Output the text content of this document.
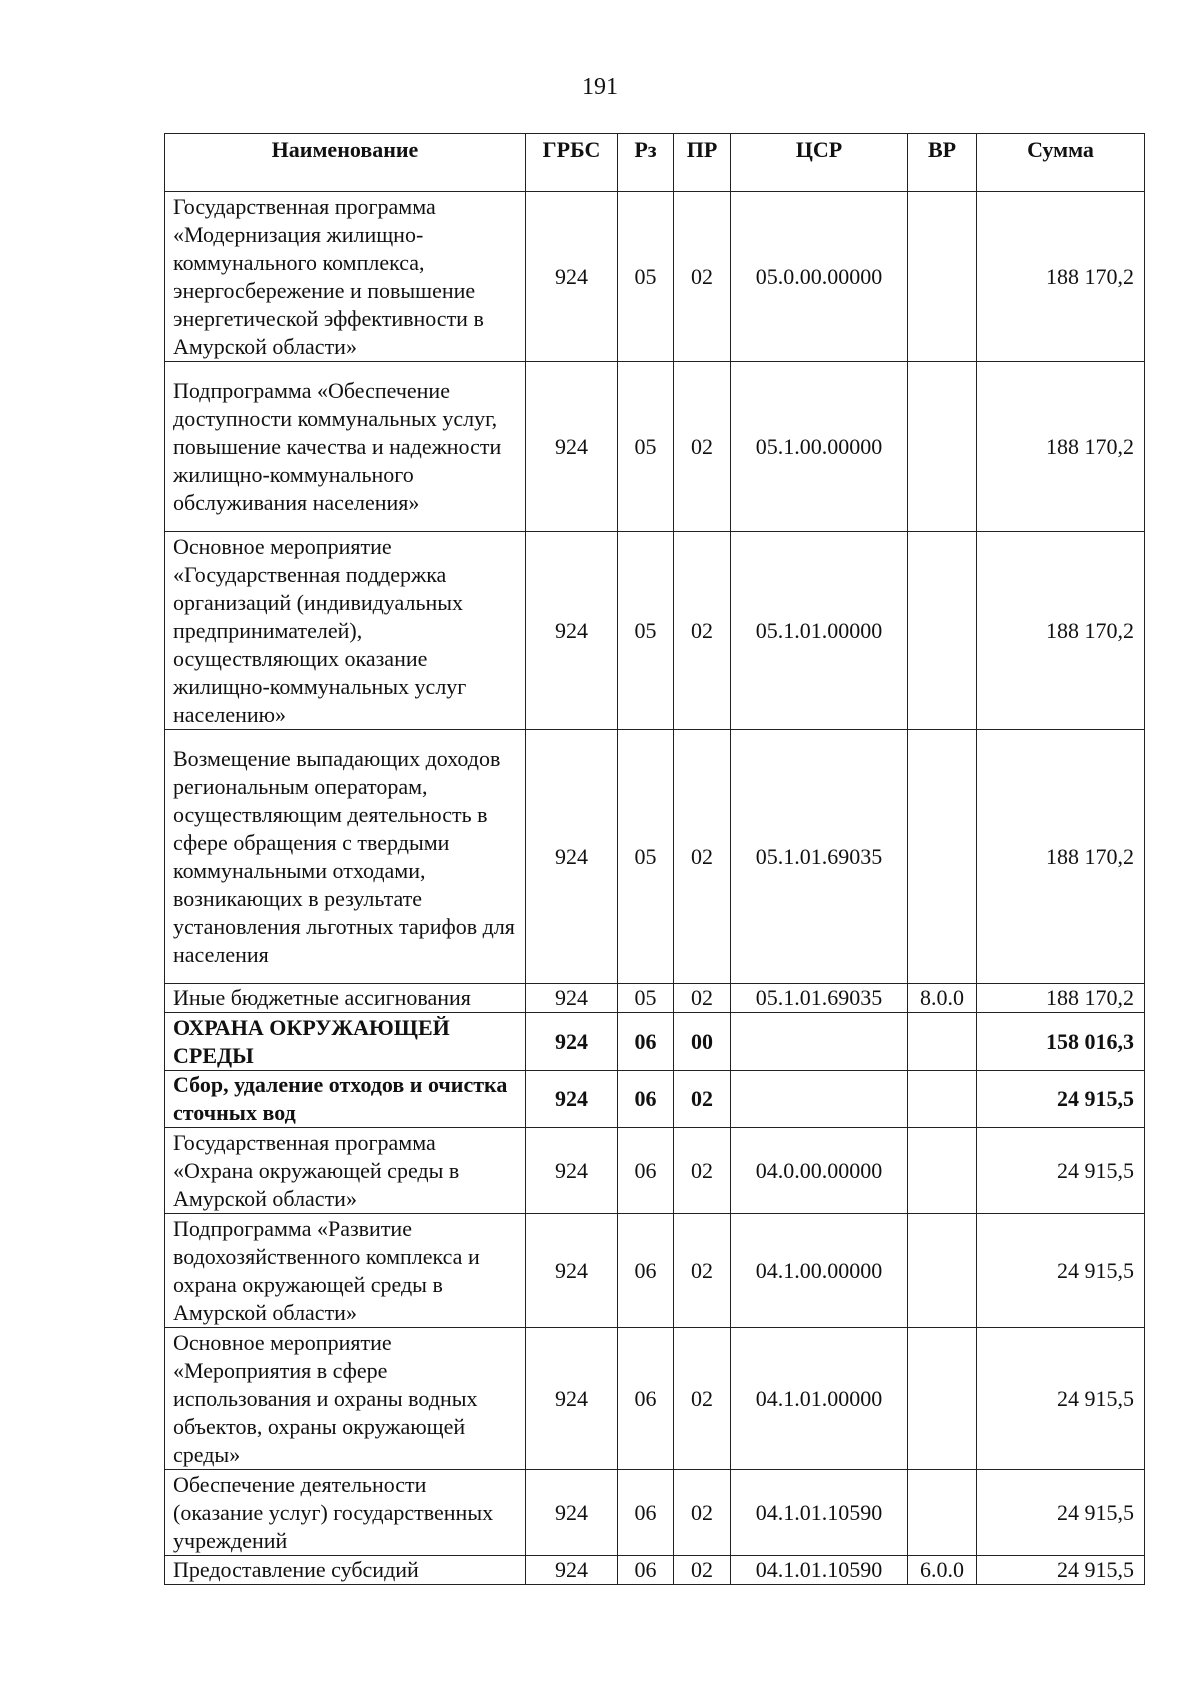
191
Наименование	ГРБС	Рз	ПР	ЦСР	ВР	Сумма
Государственная программа «Модернизация жилищно-коммунального комплекса, энергосбережение и повышение энергетической эффективности в Амурской области»	924	05	02	05.0.00.00000		188 170,2
Подпрограмма «Обеспечение доступности коммунальных услуг, повышение качества и надежности жилищно-коммунального обслуживания населения»	924	05	02	05.1.00.00000		188 170,2
Основное мероприятие «Государственная поддержка организаций (индивидуальных предпринимателей), осуществляющих оказание жилищно-коммунальных услуг населению»	924	05	02	05.1.01.00000		188 170,2
Возмещение выпадающих доходов региональным операторам, осуществляющим деятельность в сфере обращения с твердыми коммунальными отходами, возникающих в результате установления льготных тарифов для населения	924	05	02	05.1.01.69035		188 170,2
Иные бюджетные ассигнования	924	05	02	05.1.01.69035	8.0.0	188 170,2
ОХРАНА ОКРУЖАЮЩЕЙ СРЕДЫ	924	06	00			158 016,3
Сбор, удаление отходов и очистка сточных вод	924	06	02			24 915,5
Государственная программа «Охрана окружающей среды в Амурской области»	924	06	02	04.0.00.00000		24 915,5
Подпрограмма «Развитие водохозяйственного комплекса и охрана окружающей среды в Амурской области»	924	06	02	04.1.00.00000		24 915,5
Основное мероприятие «Мероприятия в сфере использования и охраны водных объектов, охраны окружающей среды»	924	06	02	04.1.01.00000		24 915,5
Обеспечение деятельности (оказание услуг) государственных учреждений	924	06	02	04.1.01.10590		24 915,5
Предоставление субсидий	924	06	02	04.1.01.10590	6.0.0	24 915,5
